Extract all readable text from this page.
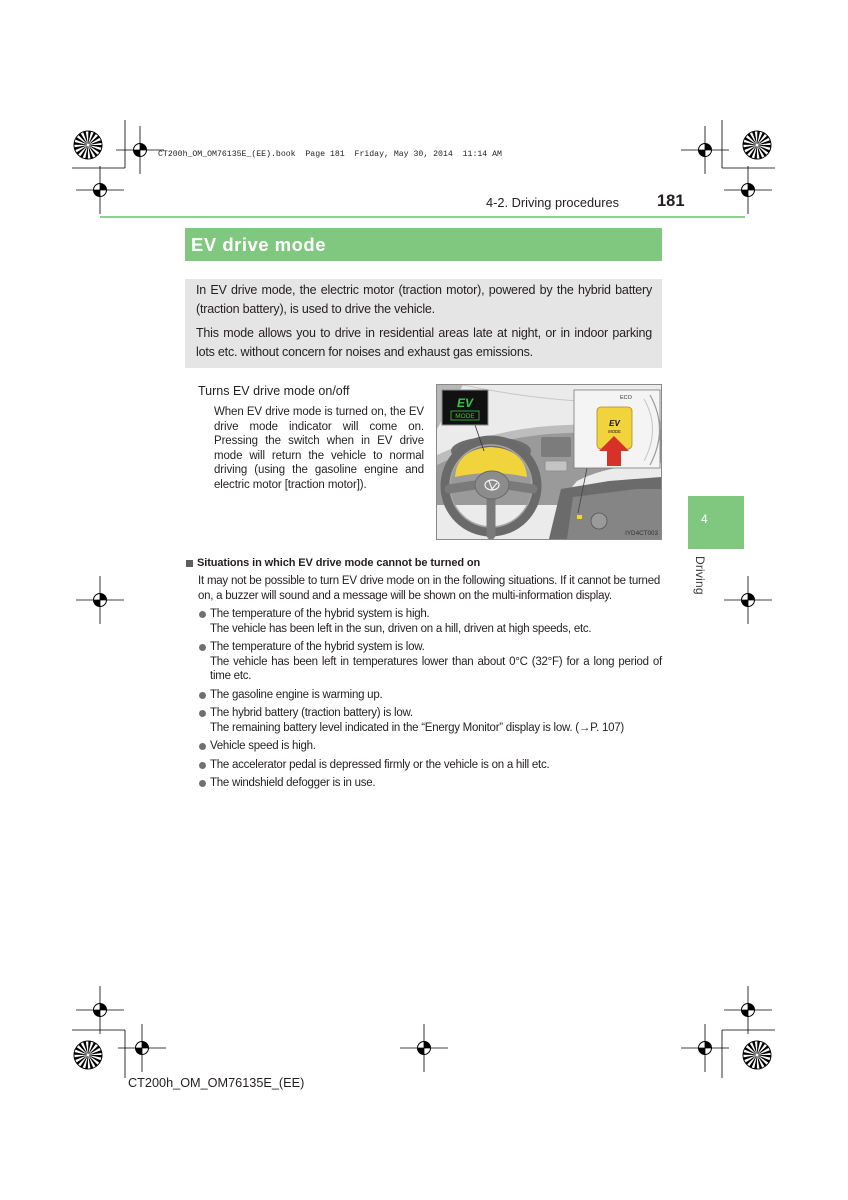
CT200h_OM_OM76135E_(EE).book  Page 181  Friday, May 30, 2014  11:14 AM
4-2. Driving procedures 181
EV drive mode

In EV drive mode, the electric motor (traction motor), powered by the hybrid battery (traction battery), is used to drive the vehicle.

This mode allows you to drive in residential areas late at night, or in indoor parking lots etc. without concern for noises and exhaust gas emissions.

Turns EV drive mode on/off
When EV drive mode is turned on, the EV drive mode indicator will come on. Pressing the switch when in EV drive mode will return the vehicle to normal driving (using the gasoline engine and electric motor [traction motor]).
EV
MODE
ECO
EV
MODE
IYD4CT003
4
Driving
Situations in which EV drive mode cannot be turned on
It may not be possible to turn EV drive mode on in the following situations. If it cannot be turned on, a buzzer will sound and a message will be shown on the multi-information display.
The temperature of the hybrid system is high.
The vehicle has been left in the sun, driven on a hill, driven at high speeds, etc.
The temperature of the hybrid system is low.
The vehicle has been left in temperatures lower than about 0°C (32°F) for a long period of time etc.
The gasoline engine is warming up.
The hybrid battery (traction battery) is low.
The remaining battery level indicated in the “Energy Monitor” display is low. (→P. 107)
Vehicle speed is high.
The accelerator pedal is depressed firmly or the vehicle is on a hill etc.
The windshield defogger is in use.
CT200h_OM_OM76135E_(EE)
